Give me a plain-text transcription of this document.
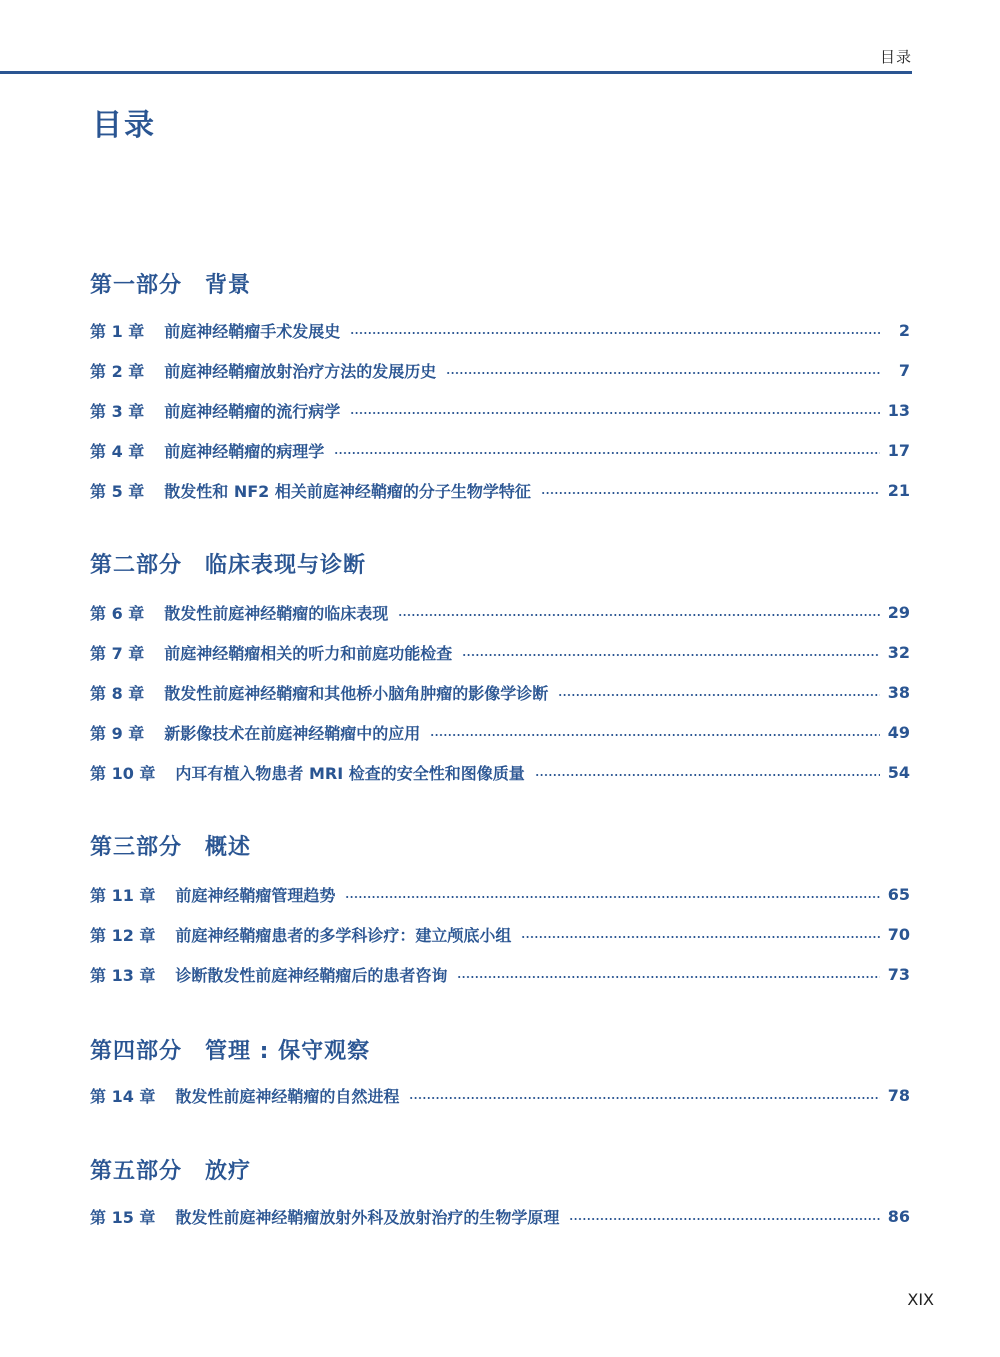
目录
目录
第一部分　背景
第 1 章 前庭神经鞘瘤手术发展史	2
第 2 章 前庭神经鞘瘤放射治疗方法的发展历史	7
第 3 章 前庭神经鞘瘤的流行病学	13
第 4 章 前庭神经鞘瘤的病理学	17
第 5 章 散发性和 NF2 相关前庭神经鞘瘤的分子生物学特征	21
第二部分　临床表现与诊断
第 6 章 散发性前庭神经鞘瘤的临床表现	29
第 7 章 前庭神经鞘瘤相关的听力和前庭功能检查	32
第 8 章 散发性前庭神经鞘瘤和其他桥小脑角肿瘤的影像学诊断	38
第 9 章 新影像技术在前庭神经鞘瘤中的应用	49
第 10 章 内耳有植入物患者 MRI 检查的安全性和图像质量	54
第三部分　概述
第 11 章 前庭神经鞘瘤管理趋势	65
第 12 章 前庭神经鞘瘤患者的多学科诊疗：建立颅底小组	70
第 13 章 诊断散发性前庭神经鞘瘤后的患者咨询	73
第四部分　管理 : 保守观察
第 14 章 散发性前庭神经鞘瘤的自然进程	78
第五部分　放疗
第 15 章 散发性前庭神经鞘瘤放射外科及放射治疗的生物学原理	86
XIX
